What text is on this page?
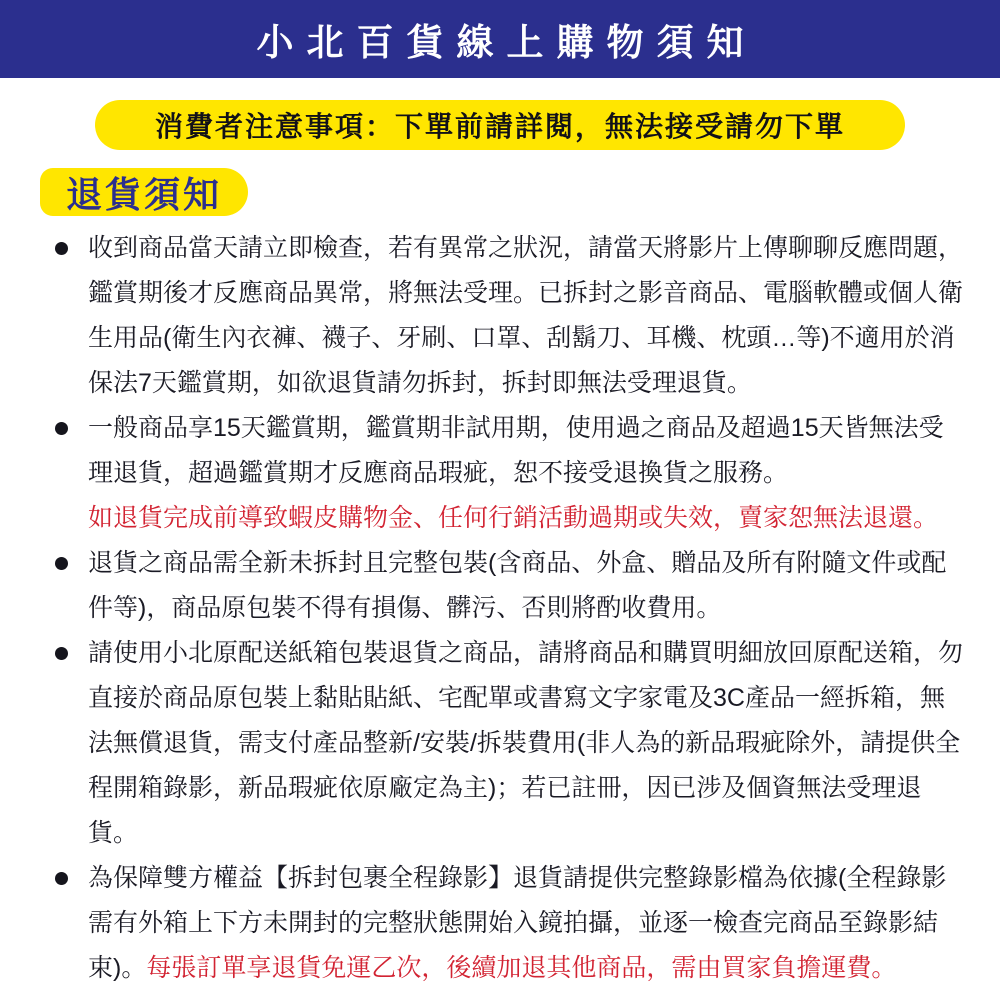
小北百貨線上購物須知
消費者注意事項：下單前請詳閱，無法接受請勿下單
退貨須知
收到商品當天請立即檢查，若有異常之狀況，請當天將影片上傳聊聊反應問題，鑑賞期後才反應商品異常，將無法受理。已拆封之影音商品、電腦軟體或個人衛生用品(衛生內衣褲、襪子、牙刷、口罩、刮鬍刀、耳機、枕頭…等)不適用於消保法7天鑑賞期，如欲退貨請勿拆封，拆封即無法受理退貨。
一般商品享15天鑑賞期，鑑賞期非試用期，使用過之商品及超過15天皆無法受理退貨，超過鑑賞期才反應商品瑕疵，恕不接受退換貨之服務。
如退貨完成前導致蝦皮購物金、任何行銷活動過期或失效，賣家恕無法退還。
退貨之商品需全新未拆封且完整包裝(含商品、外盒、贈品及所有附隨文件或配件等)，商品原包裝不得有損傷、髒污、否則將酌收費用。
請使用小北原配送紙箱包裝退貨之商品，請將商品和購買明細放回原配送箱，勿直接於商品原包裝上黏貼貼紙、宅配單或書寫文字家電及3C產品一經拆箱，無法無償退貨，需支付產品整新/安裝/拆裝費用(非人為的新品瑕疵除外，請提供全程開箱錄影，新品瑕疵依原廠定為主)；若已註冊，因已涉及個資無法受理退貨。
為保障雙方權益【拆封包裹全程錄影】退貨請提供完整錄影檔為依據(全程錄影需有外箱上下方未開封的完整狀態開始入鏡拍攝，並逐一檢查完商品至錄影結束)。每張訂單享退貨免運乙次，後續加退其他商品，需由買家負擔運費。
